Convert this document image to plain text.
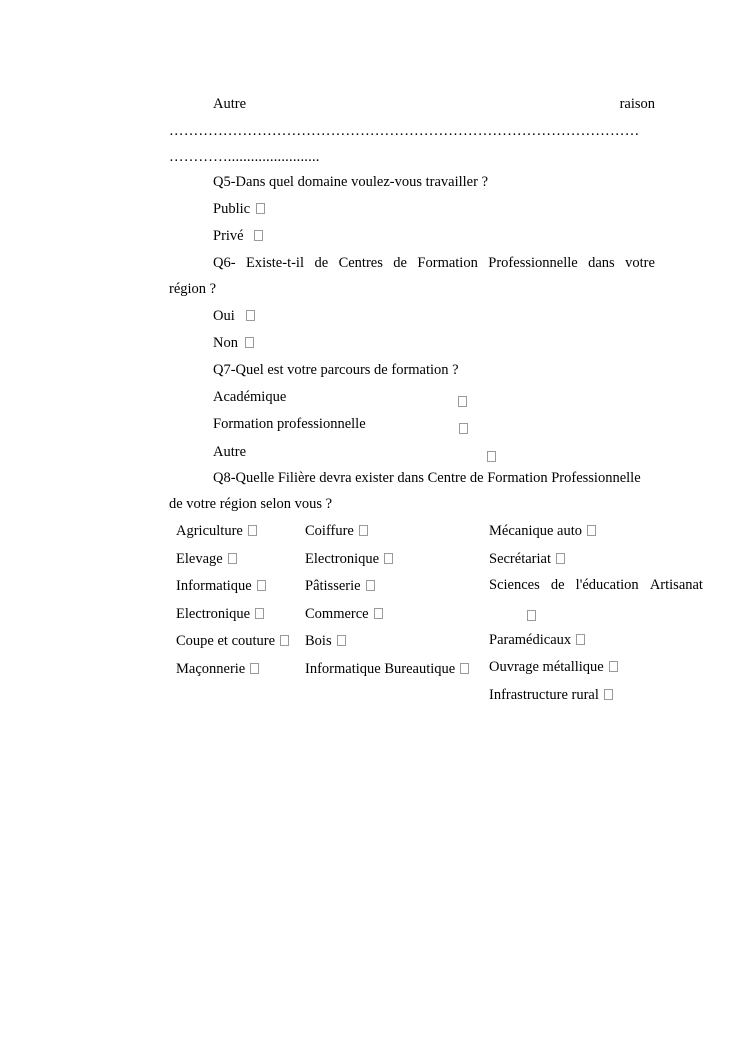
Autre	raison
……………………………………………………………………………………
…………........................
Q5-Dans quel domaine voulez-vous travailler ?
Public
Privé
Q6- Existe-t-il de Centres de Formation Professionnelle dans votre
région ?
Oui
Non
Q7-Quel est votre parcours de formation ?
Académique

Formation professionnelle

Autre

Q8-Quelle Filière devra exister dans Centre de Formation Professionnelle
de votre région selon vous ?
Agriculture
Elevage
Informatique
Electronique
Coupe et couture
Maçonnerie
Coiffure
Electronique
Pâtisserie
Commerce
Bois
Informatique Bureautique
Mécanique auto
Secrétariat
Sciences de l'éducation Artisanat
Paramédicaux
Ouvrage métallique
Infrastructure rural
